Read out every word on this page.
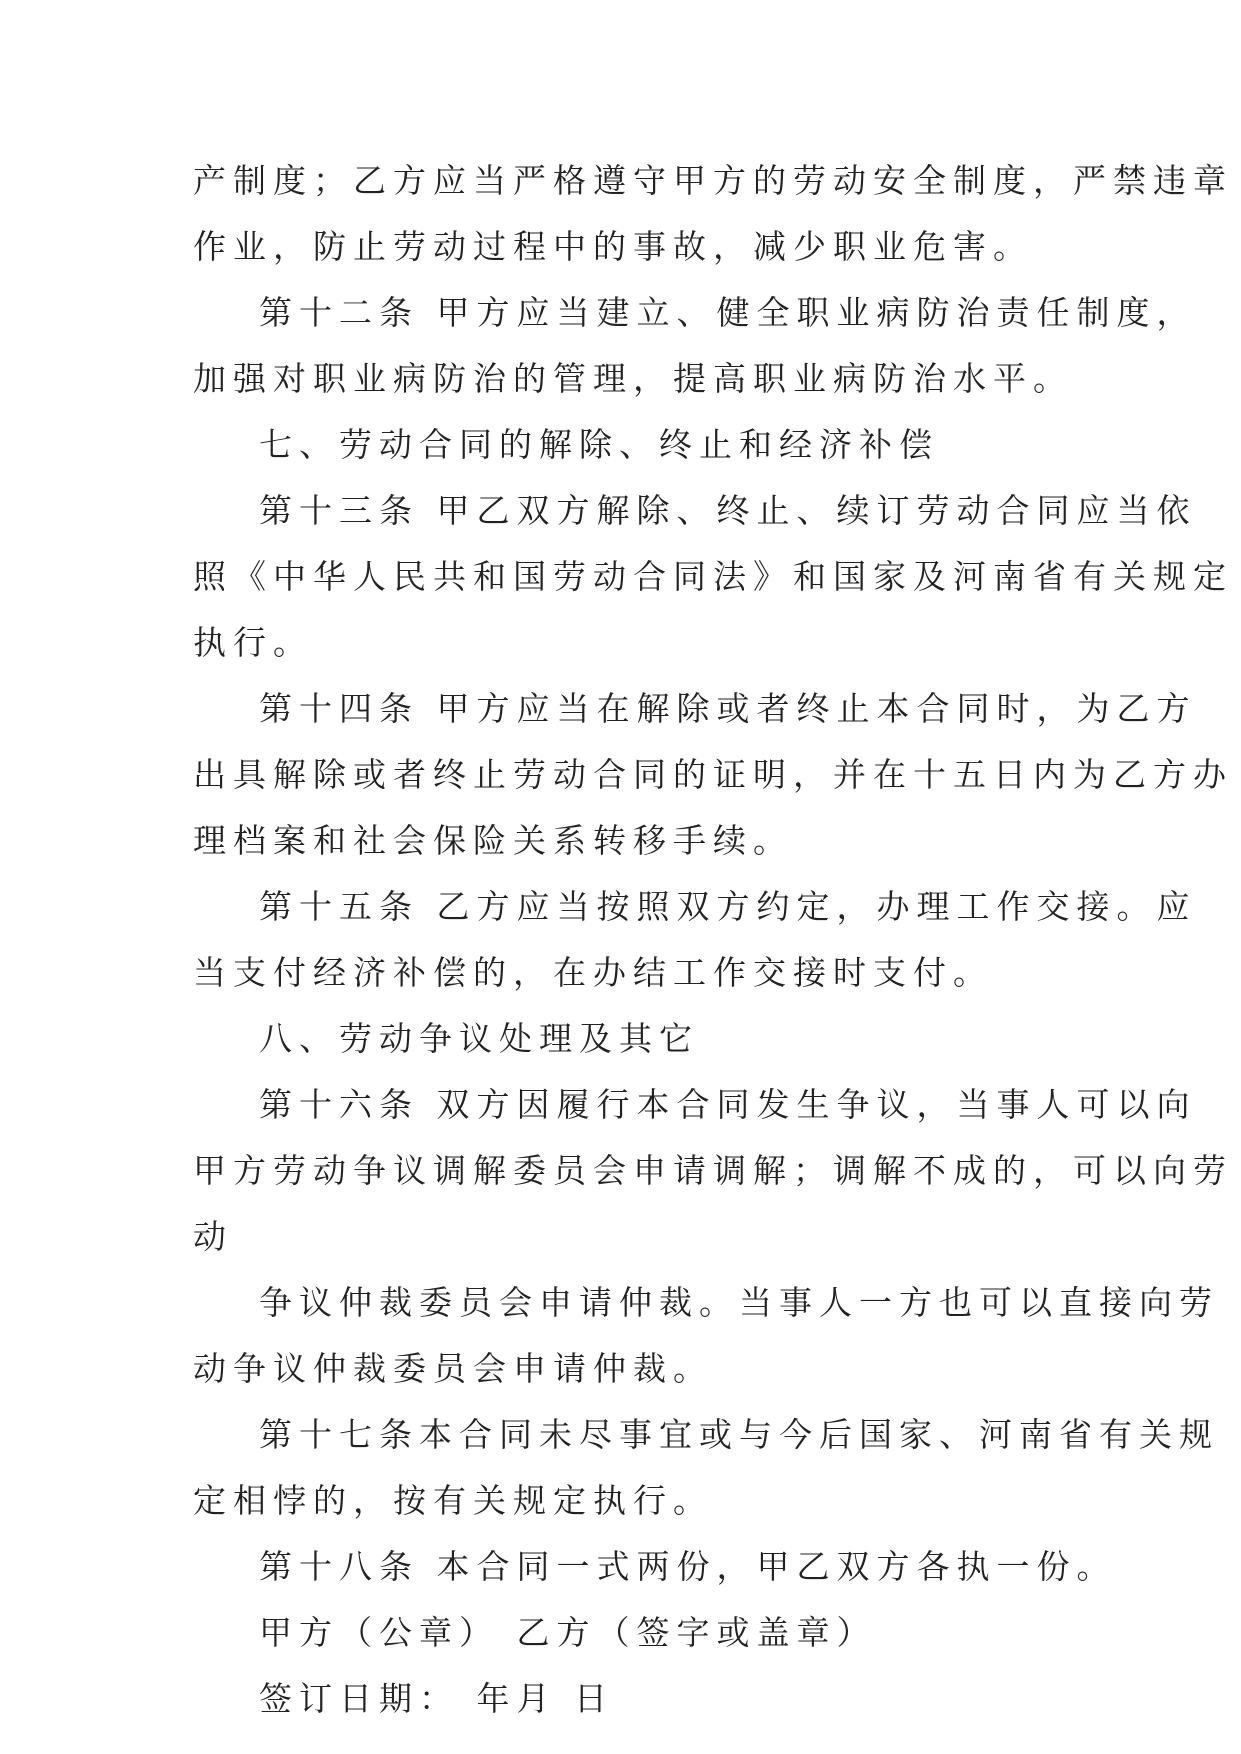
产制度；乙方应当严格遵守甲方的劳动安全制度，严禁违章
作业，防止劳动过程中的事故，减少职业危害。
第十二条 甲方应当建立、健全职业病防治责任制度，
加强对职业病防治的管理，提高职业病防治水平。
七、劳动合同的解除、终止和经济补偿
第十三条 甲乙双方解除、终止、续订劳动合同应当依
照《中华人民共和国劳动合同法》和国家及河南省有关规定
执行。
第十四条 甲方应当在解除或者终止本合同时，为乙方
出具解除或者终止劳动合同的证明，并在十五日内为乙方办
理档案和社会保险关系转移手续。
第十五条 乙方应当按照双方约定，办理工作交接。应
当支付经济补偿的，在办结工作交接时支付。
八、劳动争议处理及其它
第十六条 双方因履行本合同发生争议，当事人可以向
甲方劳动争议调解委员会申请调解；调解不成的，可以向劳
动
争议仲裁委员会申请仲裁。当事人一方也可以直接向劳
动争议仲裁委员会申请仲裁。
第十七条本合同未尽事宜或与今后国家、河南省有关规
定相悖的，按有关规定执行。
第十八条 本合同一式两份，甲乙双方各执一份。
甲方（公章） 乙方（签字或盖章）
签订日期： 年月 日
